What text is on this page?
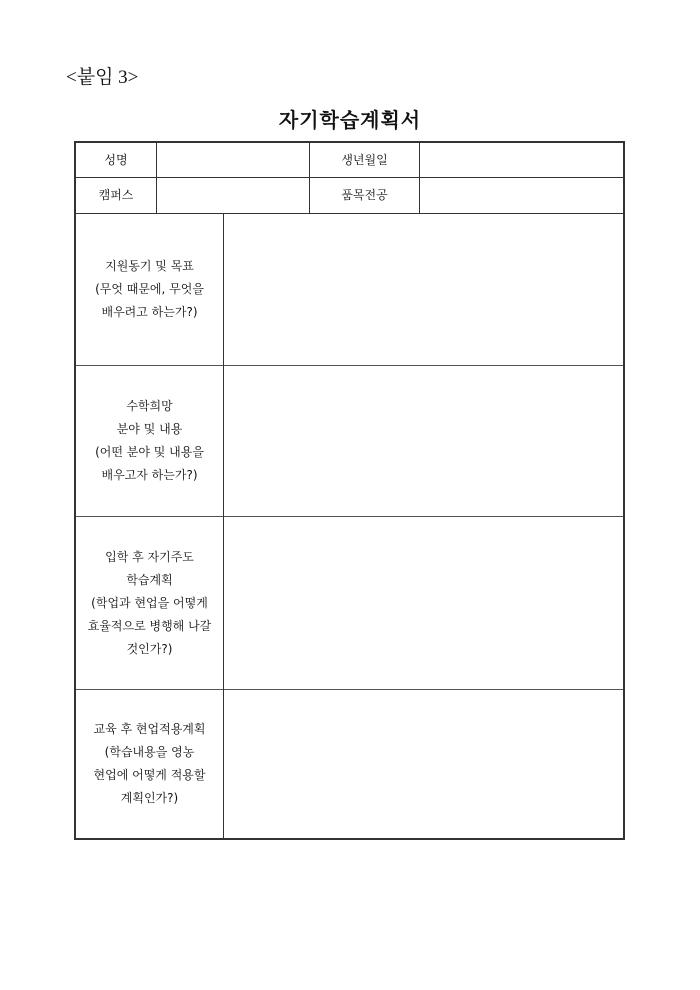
<붙임 3>
자기학습계획서
성명	생년월일
캠퍼스	품목전공
지원동기 및 목표
(무엇 때문에, 무엇을
배우려고 하는가?)
수학희망
분야 및 내용
(어떤 분야 및 내용을
배우고자 하는가?)
입학 후 자기주도
학습계획
(학업과 현업을 어떻게
효율적으로 병행해 나갈
것인가?)
교육 후 현업적용계획
(학습내용을 영농
현업에 어떻게 적용할
계획인가?)
